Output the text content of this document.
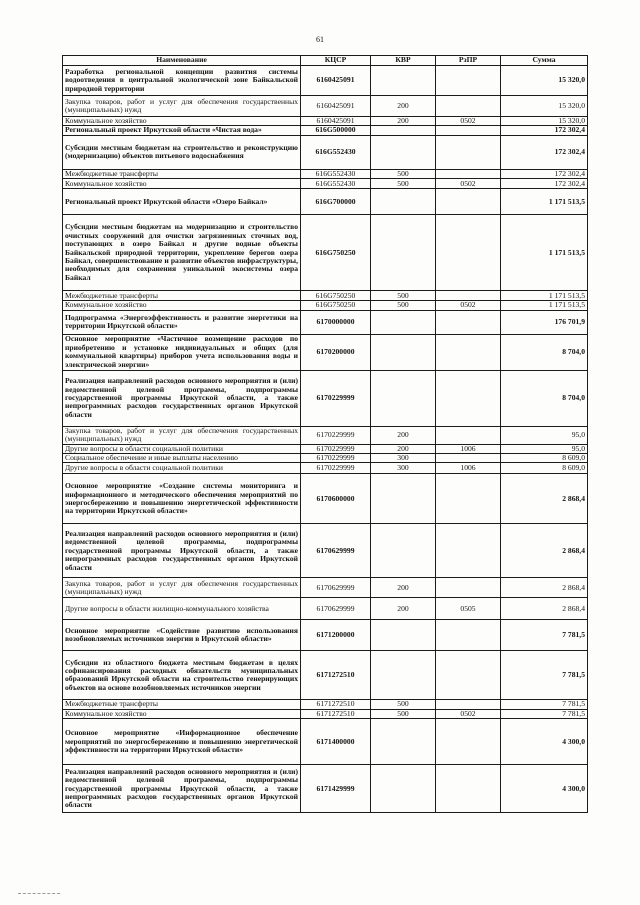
61
Наименование	КЦСР	КВР	РзПР	Сумма
Разработка региональной концепции развития системы водоотведения в центральной экологической зоне Байкальской природной территории	6160425091			15 320,0
Закупка товаров, работ и услуг для обеспечения государственных (муниципальных) нужд	6160425091	200		15 320,0
Коммунальное хозяйство	6160425091	200	0502	15 320,0
Региональный проект Иркутской области «Чистая вода»	616G500000			172 302,4
Субсидии местным бюджетам на строительство и реконструкцию (модернизацию) объектов питьевого водоснабжения	616G552430			172 302,4
Межбюджетные трансферты	616G552430	500		172 302,4
Коммунальное хозяйство	616G552430	500	0502	172 302,4
Региональный проект Иркутской области «Озеро Байкал»	616G700000			1 171 513,5
Субсидии местным бюджетам на модернизацию и строительство очистных сооружений для очистки загрязненных сточных вод, поступающих в озеро Байкал и другие водные объекты Байкальской природной территории, укрепление берегов озера Байкал, совершенствование и развитие объектов инфраструктуры, необходимых для сохранения уникальной экосистемы озера Байкал	616G750250			1 171 513,5
Межбюджетные трансферты	616G750250	500		1 171 513,5
Коммунальное хозяйство	616G750250	500	0502	1 171 513,5
Подпрограмма «Энергоэффективность и развитие энергетики на территории Иркутской области»	6170000000			176 701,9
Основное мероприятие «Частичное возмещение расходов по приобретению и установке индивидуальных и общих (для коммунальной квартиры) приборов учета использования воды и электрической энергии»	6170200000			8 704,0
Реализация направлений расходов основного мероприятия и (или) ведомственной целевой программы, подпрограммы государственной программы Иркутской области, а также непрограммных расходов государственных органов Иркутской области	6170229999			8 704,0
Закупка товаров, работ и услуг для обеспечения государственных (муниципальных) нужд	6170229999	200		95,0
Другие вопросы в области социальной политики	6170229999	200	1006	95,0
Социальное обеспечение и иные выплаты населению	6170229999	300		8 609,0
Другие вопросы в области социальной политики	6170229999	300	1006	8 609,0
Основное мероприятие «Создание системы мониторинга и информационного и методического обеспечения мероприятий по энергосбережению и повышению энергетической эффективности на территории Иркутской области»	6170600000			2 868,4
Реализация направлений расходов основного мероприятия и (или) ведомственной целевой программы, подпрограммы государственной программы Иркутской области, а также непрограммных расходов государственных органов Иркутской области	6170629999			2 868,4
Закупка товаров, работ и услуг для обеспечения государственных (муниципальных) нужд	6170629999	200		2 868,4
Другие вопросы в области жилищно-коммунального хозяйства	6170629999	200	0505	2 868,4
Основное мероприятие «Содействие развитию использования возобновляемых источников энергии в Иркутской области»	6171200000			7 781,5
Субсидии из областного бюджета местным бюджетам в целях софинансирования расходных обязательств муниципальных образований Иркутской области на строительство генерирующих объектов на основе возобновляемых источников энергии	6171272510			7 781,5
Межбюджетные трансферты	6171272510	500		7 781,5
Коммунальное хозяйство	6171272510	500	0502	7 781,5
Основное мероприятие «Информационное обеспечение мероприятий по энергосбережению и повышению энергетической эффективности на территории Иркутской области»	6171400000			4 300,0
Реализация направлений расходов основного мероприятия и (или) ведомственной целевой программы, подпрограммы государственной программы Иркутской области, а также непрограммных расходов государственных органов Иркутской области	6171429999			4 300,0
